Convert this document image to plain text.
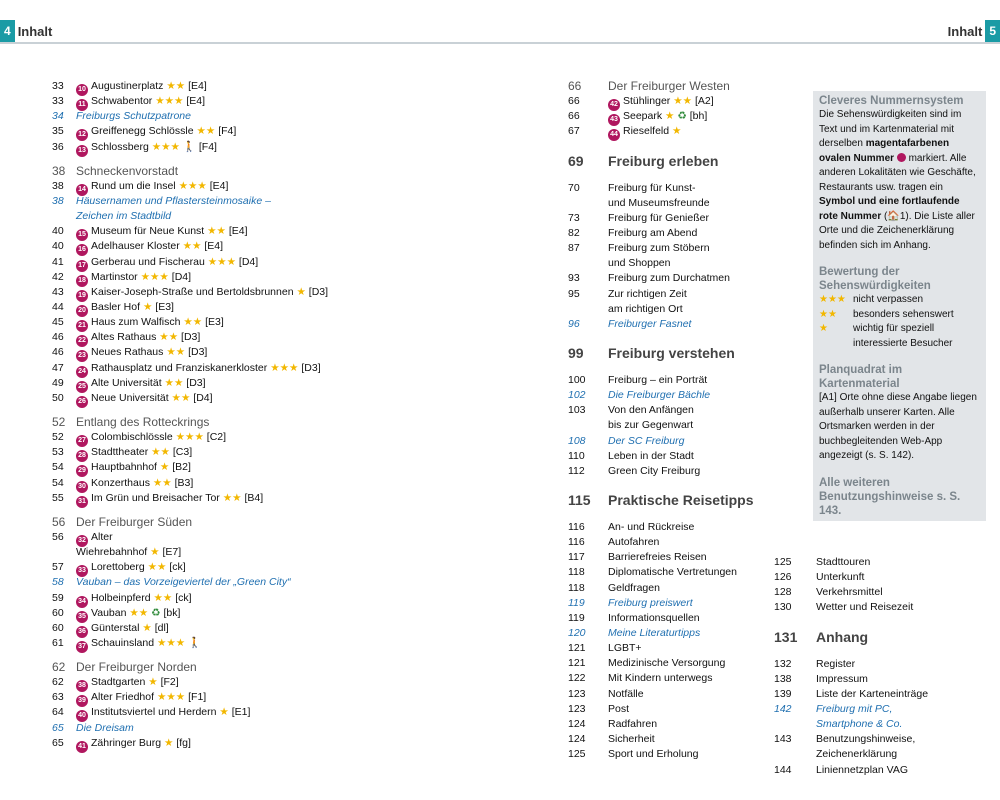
4 Inhalt	Inhalt 5
33	10 Augustinerplatz ★★ [E4]
33	11 Schwabentor ★★★ [E4]
34	Freiburgs Schutzpatrone
35	12 Greiffenegg Schlössle ★★ [F4]
36	13 Schlossberg ★★★ 🚶 [F4]
38 Schneckenvorstadt
38	14 Rund um die Insel ★★★ [E4]
38	Häusernamen und Pflastersteinmosaike –
Zeichen im Stadtbild
40	15 Museum für Neue Kunst ★★ [E4]
40	16 Adelhauser Kloster ★★ [E4]
41	17 Gerberau und Fischerau ★★★ [D4]
42	18 Martinstor ★★★ [D4]
43	19 Kaiser-Joseph-Straße und Bertoldsbrunnen ★ [D3]
44	20 Basler Hof ★ [E3]
45	21 Haus zum Walfisch ★★ [E3]
46	22 Altes Rathaus ★★ [D3]
46	23 Neues Rathaus ★★ [D3]
47	24 Rathausplatz und Franziskanerkloster ★★★ [D3]
49	25 Alte Universität ★★ [D3]
50	26 Neue Universität ★★ [D4]
52 Entlang des Rotteckrings
52	27 Colombischlössle ★★★ [C2]
53	28 Stadttheater ★★ [C3]
54	29 Hauptbahnhof ★ [B2]
54	30 Konzerthaus ★★ [B3]
55	31 Im Grün und Breisacher Tor ★★ [B4]
56 Der Freiburger Süden
56	32 Alter
Wiehrebahnhof ★ [E7]
57	33 Lorettoberg ★★ [ck]
58	Vauban – das Vorzeigeviertel der „Green City“
59	34 Holbeinpferd ★★ [ck]
60	35 Vauban ★★ ♻ [bk]
60	36 Günterstal ★ [dl]
61	37 Schauinsland ★★★ 🚶
62 Der Freiburger Norden
62	38 Stadtgarten ★ [F2]
63	39 Alter Friedhof ★★★ [F1]
64	40 Institutsviertel und Herdern ★ [E1]
65	Die Dreisam
65	41 Zähringer Burg ★ [fg]
66	Der Freiburger Westen
66	42 Stühlinger ★★ [A2]
66	43 Seepark ★ ♻ [bh]
67	44 Rieselfeld ★
69	Freiburg erleben
70	Freiburg für Kunst-
und Museumsfreunde
73	Freiburg für Genießer
82	Freiburg am Abend
87	Freiburg zum Stöbern
und Shoppen
93	Freiburg zum Durchatmen
95	Zur richtigen Zeit
am richtigen Ort
96	Freiburger Fasnet
99	Freiburg verstehen
100	Freiburg – ein Porträt
102	Die Freiburger Bächle
103	Von den Anfängen
bis zur Gegenwart
108	Der SC Freiburg
110	Leben in der Stadt
112	Green City Freiburg
115	Praktische Reisetipps
116	An- und Rückreise
116	Autofahren
117	Barrierefreies Reisen
118	Diplomatische Vertretungen
118	Geldfragen
119	Freiburg preiswert
119	Informationsquellen
120	Meine Literaturtipps
121	LGBT+
121	Medizinische Versorgung
122	Mit Kindern unterwegs
123	Notfälle
123	Post
124	Radfahren
124	Sicherheit
125	Sport und Erholung
125	Stadttouren
126	Unterkunft
128	Verkehrsmittel
130	Wetter und Reisezeit
131	Anhang
132	Register
138	Impressum
139	Liste der Karteneinträge
142	Freiburg mit PC,
Smartphone & Co.
143	Benutzungshinweise,
Zeichenerklärung
144	Liniennetzplan VAG
Cleveres Nummernsystem
Die Sehenswürdigkeiten sind im Text und im Kartenmaterial mit derselben magentafarbenen ovalen Nummer markiert. Alle anderen Lokalitäten wie Geschäfte, Restaurants usw. tragen ein Symbol und eine fortlaufende rote Nummer (🏠1). Die Liste aller Orte und die Zeichenerklärung befinden sich im Anhang.
Bewertung der Sehenswürdigkeiten
★★★ nicht verpassen
★★ besonders sehenswert
★	wichtig für speziell interessierte Besucher
Planquadrat im Kartenmaterial
[A1] Orte ohne diese Angabe liegen außerhalb unserer Karten. Alle Ortsmarken werden in der buchbegleitenden Web-App angezeigt (s. S. 142).
Alle weiteren Benutzungshinweise s. S. 143.
